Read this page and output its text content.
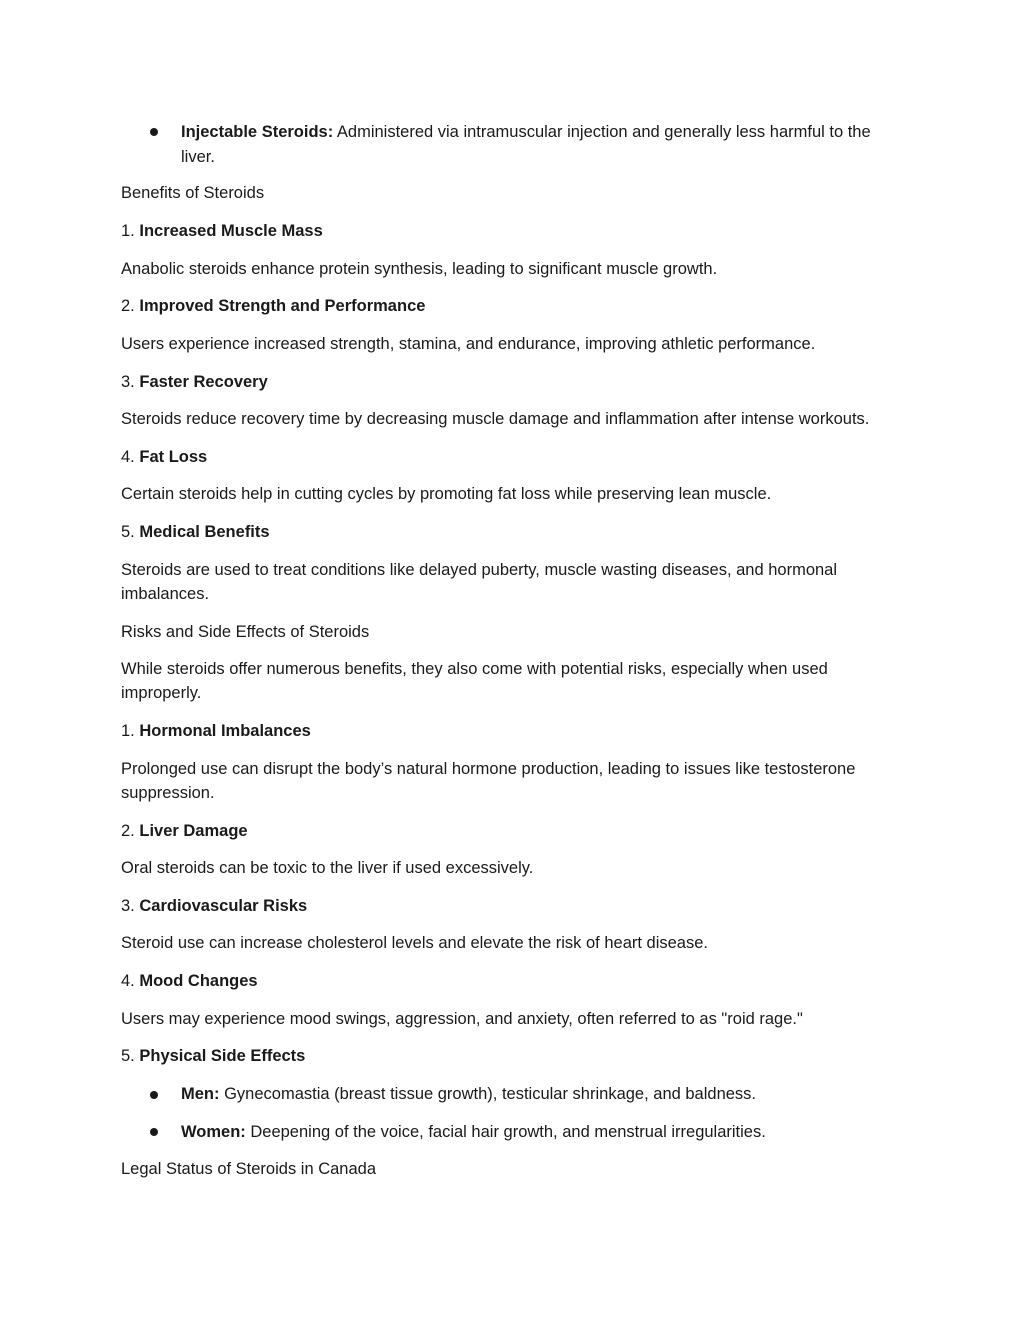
Injectable Steroids: Administered via intramuscular injection and generally less harmful to the liver.
Benefits of Steroids
1. Increased Muscle Mass
Anabolic steroids enhance protein synthesis, leading to significant muscle growth.
2. Improved Strength and Performance
Users experience increased strength, stamina, and endurance, improving athletic performance.
3. Faster Recovery
Steroids reduce recovery time by decreasing muscle damage and inflammation after intense workouts.
4. Fat Loss
Certain steroids help in cutting cycles by promoting fat loss while preserving lean muscle.
5. Medical Benefits
Steroids are used to treat conditions like delayed puberty, muscle wasting diseases, and hormonal imbalances.
Risks and Side Effects of Steroids
While steroids offer numerous benefits, they also come with potential risks, especially when used improperly.
1. Hormonal Imbalances
Prolonged use can disrupt the body’s natural hormone production, leading to issues like testosterone suppression.
2. Liver Damage
Oral steroids can be toxic to the liver if used excessively.
3. Cardiovascular Risks
Steroid use can increase cholesterol levels and elevate the risk of heart disease.
4. Mood Changes
Users may experience mood swings, aggression, and anxiety, often referred to as "roid rage."
5. Physical Side Effects
Men: Gynecomastia (breast tissue growth), testicular shrinkage, and baldness.
Women: Deepening of the voice, facial hair growth, and menstrual irregularities.
Legal Status of Steroids in Canada
